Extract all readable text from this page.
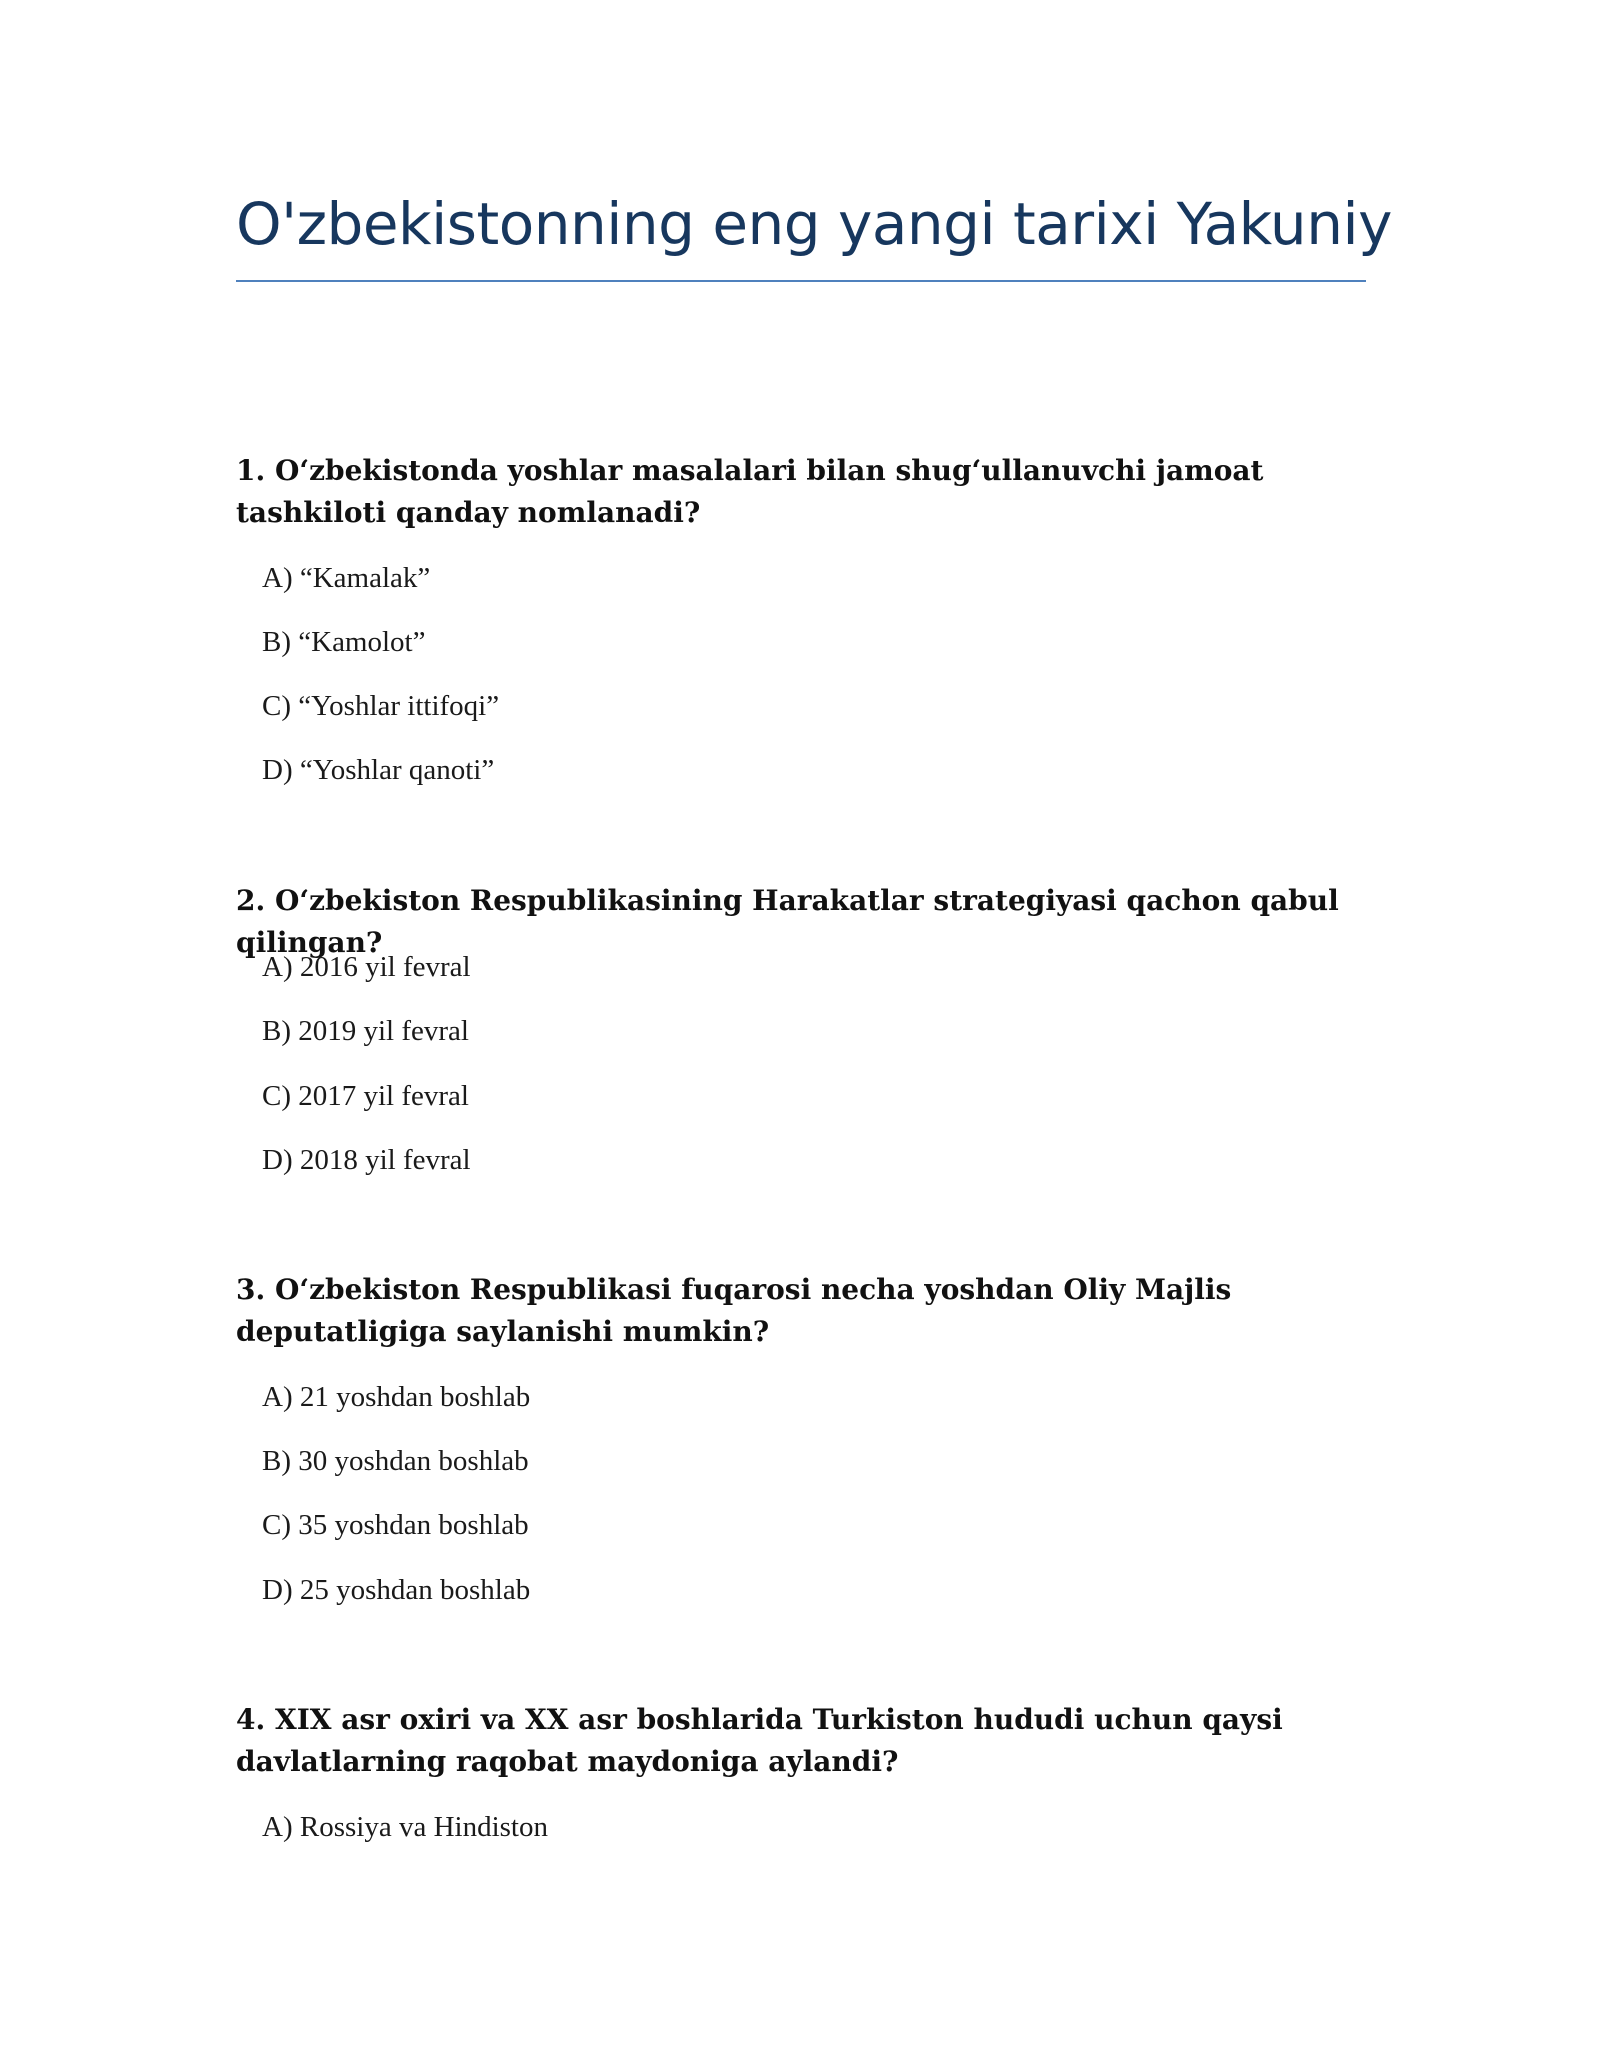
O'zbekistonning eng yangi tarixi Yakuniy

1. O‘zbekistonda yoshlar masalalari bilan shug‘ullanuvchi jamoat tashkiloti qanday nomlanadi?

A) “Kamalak”

B) “Kamolot”

C) “Yoshlar ittifoqi”

D) “Yoshlar qanoti”

2. O‘zbekiston Respublikasining Harakatlar strategiyasi qachon qabul qilingan?

A) 2016 yil fevral

B) 2019 yil fevral

C) 2017 yil fevral

D) 2018 yil fevral

3. O‘zbekiston Respublikasi fuqarosi necha yoshdan Oliy Majlis deputatligiga saylanishi mumkin?

A) 21 yoshdan boshlab

B) 30 yoshdan boshlab

C) 35 yoshdan boshlab

D) 25 yoshdan boshlab

4. XIX asr oxiri va XX asr boshlarida Turkiston hududi uchun qaysi davlatlarning raqobat maydoniga aylandi?

A) Rossiya va Hindiston
